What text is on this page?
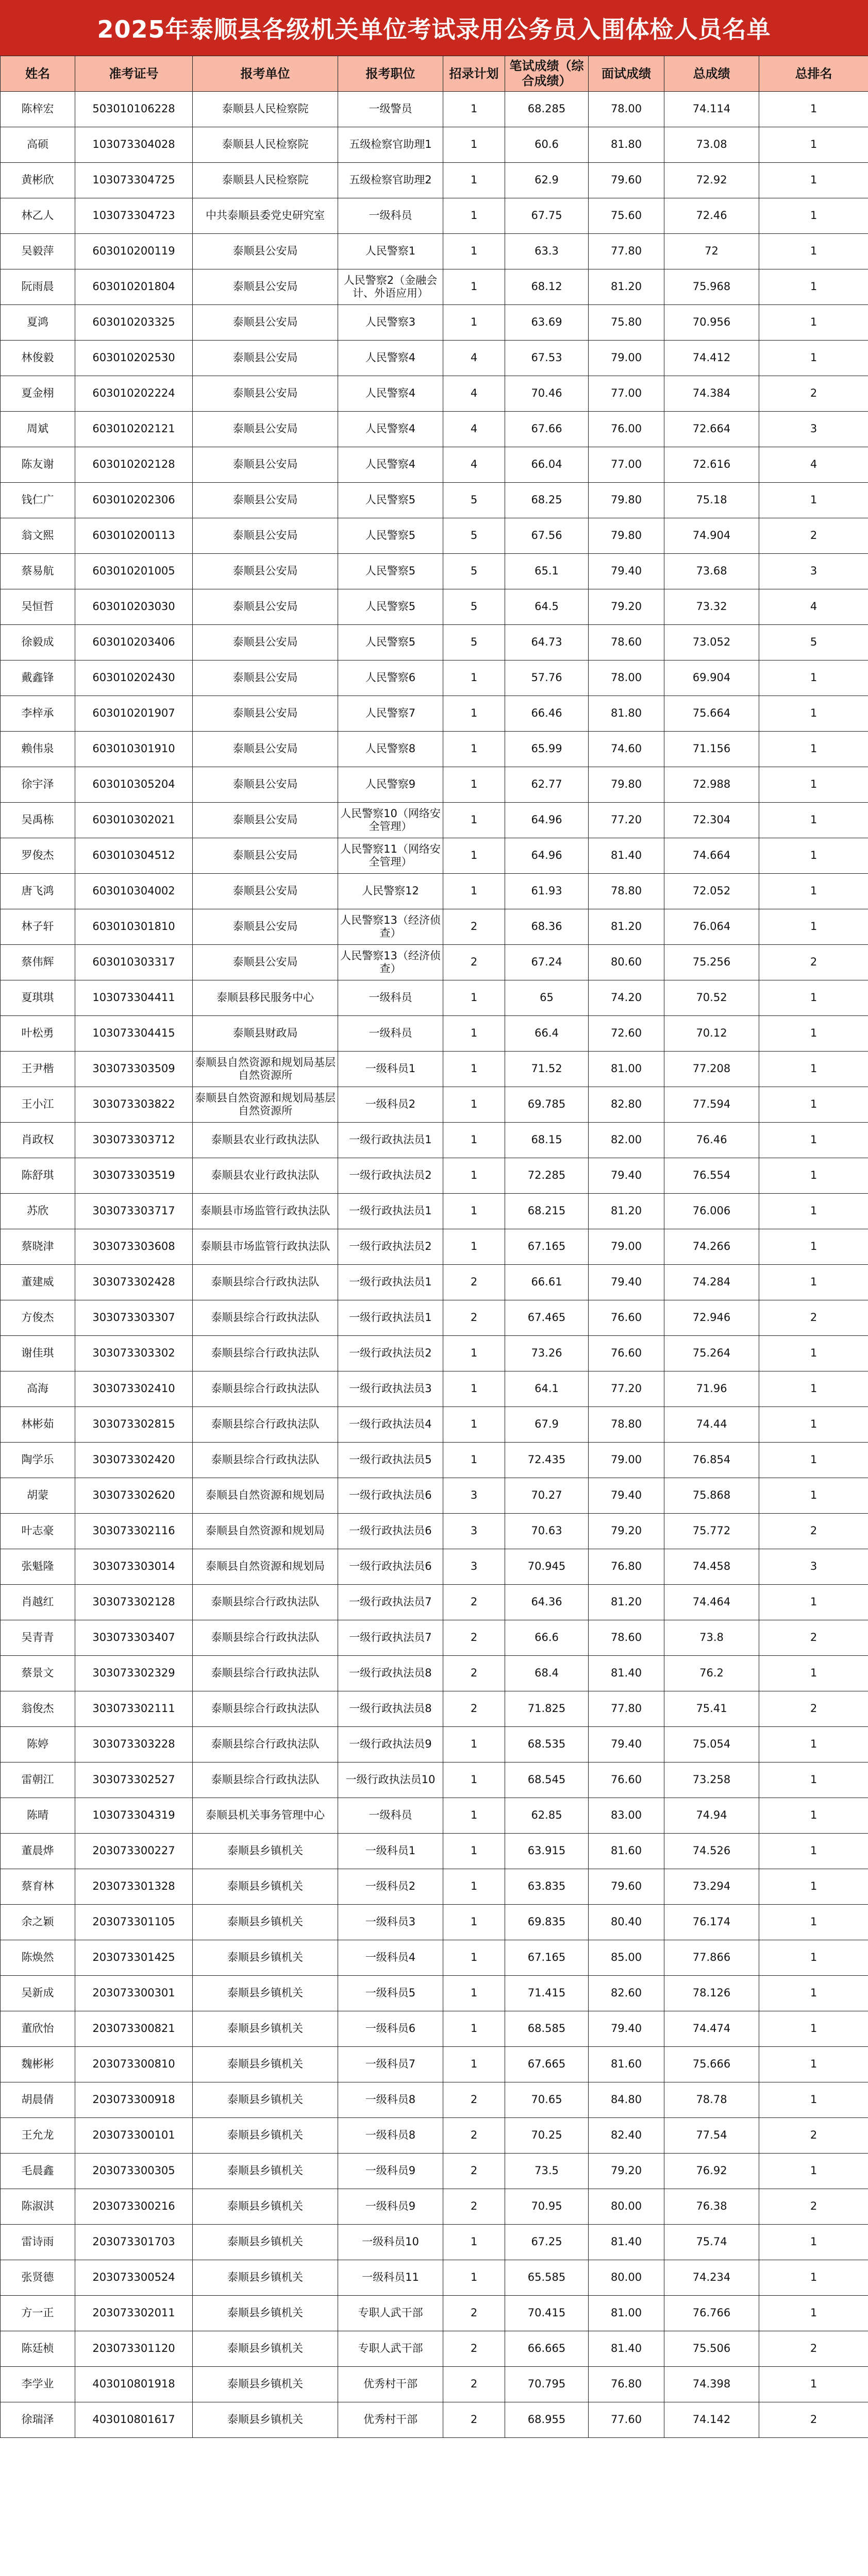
2025年泰顺县各级机关单位考试录用公务员入围体检人员名单
姓名	准考证号	报考单位	报考职位	招录计划	笔试成绩（综合成绩）	面试成绩	总成绩	总排名
陈梓宏	503010106228	泰顺县人民检察院	一级警员	1	68.285	78.00	74.114	1
高硕	103073304028	泰顺县人民检察院	五级检察官助理1	1	60.6	81.80	73.08	1
黄彬欣	103073304725	泰顺县人民检察院	五级检察官助理2	1	62.9	79.60	72.92	1
林乙人	103073304723	中共泰顺县委党史研究室	一级科员	1	67.75	75.60	72.46	1
吴毅萍	603010200119	泰顺县公安局	人民警察1	1	63.3	77.80	72	1
阮雨晨	603010201804	泰顺县公安局	人民警察2（金融会计、外语应用）	1	68.12	81.20	75.968	1
夏鸿	603010203325	泰顺县公安局	人民警察3	1	63.69	75.80	70.956	1
林俊毅	603010202530	泰顺县公安局	人民警察4	4	67.53	79.00	74.412	1
夏金栩	603010202224	泰顺县公安局	人民警察4	4	70.46	77.00	74.384	2
周斌	603010202121	泰顺县公安局	人民警察4	4	67.66	76.00	72.664	3
陈友谢	603010202128	泰顺县公安局	人民警察4	4	66.04	77.00	72.616	4
钱仁广	603010202306	泰顺县公安局	人民警察5	5	68.25	79.80	75.18	1
翁文熙	603010200113	泰顺县公安局	人民警察5	5	67.56	79.80	74.904	2
蔡易航	603010201005	泰顺县公安局	人民警察5	5	65.1	79.40	73.68	3
吴恒哲	603010203030	泰顺县公安局	人民警察5	5	64.5	79.20	73.32	4
徐毅成	603010203406	泰顺县公安局	人民警察5	5	64.73	78.60	73.052	5
戴鑫锋	603010202430	泰顺县公安局	人民警察6	1	57.76	78.00	69.904	1
李梓承	603010201907	泰顺县公安局	人民警察7	1	66.46	81.80	75.664	1
赖伟泉	603010301910	泰顺县公安局	人民警察8	1	65.99	74.60	71.156	1
徐宇泽	603010305204	泰顺县公安局	人民警察9	1	62.77	79.80	72.988	1
吴禹栋	603010302021	泰顺县公安局	人民警察10（网络安全管理）	1	64.96	77.20	72.304	1
罗俊杰	603010304512	泰顺县公安局	人民警察11（网络安全管理）	1	64.96	81.40	74.664	1
唐飞鸿	603010304002	泰顺县公安局	人民警察12	1	61.93	78.80	72.052	1
林子轩	603010301810	泰顺县公安局	人民警察13（经济侦查）	2	68.36	81.20	76.064	1
蔡伟辉	603010303317	泰顺县公安局	人民警察13（经济侦查）	2	67.24	80.60	75.256	2
夏琪琪	103073304411	泰顺县移民服务中心	一级科员	1	65	74.20	70.52	1
叶松勇	103073304415	泰顺县财政局	一级科员	1	66.4	72.60	70.12	1
王尹楷	303073303509	泰顺县自然资源和规划局基层自然资源所	一级科员1	1	71.52	81.00	77.208	1
王小江	303073303822	泰顺县自然资源和规划局基层自然资源所	一级科员2	1	69.785	82.80	77.594	1
肖政权	303073303712	泰顺县农业行政执法队	一级行政执法员1	1	68.15	82.00	76.46	1
陈舒琪	303073303519	泰顺县农业行政执法队	一级行政执法员2	1	72.285	79.40	76.554	1
苏欣	303073303717	泰顺县市场监管行政执法队	一级行政执法员1	1	68.215	81.20	76.006	1
蔡晓津	303073303608	泰顺县市场监管行政执法队	一级行政执法员2	1	67.165	79.00	74.266	1
董建威	303073302428	泰顺县综合行政执法队	一级行政执法员1	2	66.61	79.40	74.284	1
方俊杰	303073303307	泰顺县综合行政执法队	一级行政执法员1	2	67.465	76.60	72.946	2
谢佳琪	303073303302	泰顺县综合行政执法队	一级行政执法员2	1	73.26	76.60	75.264	1
高海	303073302410	泰顺县综合行政执法队	一级行政执法员3	1	64.1	77.20	71.96	1
林彬茹	303073302815	泰顺县综合行政执法队	一级行政执法员4	1	67.9	78.80	74.44	1
陶学乐	303073302420	泰顺县综合行政执法队	一级行政执法员5	1	72.435	79.00	76.854	1
胡蒙	303073302620	泰顺县自然资源和规划局	一级行政执法员6	3	70.27	79.40	75.868	1
叶志豪	303073302116	泰顺县自然资源和规划局	一级行政执法员6	3	70.63	79.20	75.772	2
张魁隆	303073303014	泰顺县自然资源和规划局	一级行政执法员6	3	70.945	76.80	74.458	3
肖越红	303073302128	泰顺县综合行政执法队	一级行政执法员7	2	64.36	81.20	74.464	1
吴青青	303073303407	泰顺县综合行政执法队	一级行政执法员7	2	66.6	78.60	73.8	2
蔡景文	303073302329	泰顺县综合行政执法队	一级行政执法员8	2	68.4	81.40	76.2	1
翁俊杰	303073302111	泰顺县综合行政执法队	一级行政执法员8	2	71.825	77.80	75.41	2
陈婷	303073303228	泰顺县综合行政执法队	一级行政执法员9	1	68.535	79.40	75.054	1
雷朝江	303073302527	泰顺县综合行政执法队	一级行政执法员10	1	68.545	76.60	73.258	1
陈晴	103073304319	泰顺县机关事务管理中心	一级科员	1	62.85	83.00	74.94	1
董晨烨	203073300227	泰顺县乡镇机关	一级科员1	1	63.915	81.60	74.526	1
蔡育林	203073301328	泰顺县乡镇机关	一级科员2	1	63.835	79.60	73.294	1
余之颖	203073301105	泰顺县乡镇机关	一级科员3	1	69.835	80.40	76.174	1
陈焕然	203073301425	泰顺县乡镇机关	一级科员4	1	67.165	85.00	77.866	1
吴新成	203073300301	泰顺县乡镇机关	一级科员5	1	71.415	82.60	78.126	1
董欣怡	203073300821	泰顺县乡镇机关	一级科员6	1	68.585	79.40	74.474	1
魏彬彬	203073300810	泰顺县乡镇机关	一级科员7	1	67.665	81.60	75.666	1
胡晨倩	203073300918	泰顺县乡镇机关	一级科员8	2	70.65	84.80	78.78	1
王允龙	203073300101	泰顺县乡镇机关	一级科员8	2	70.25	82.40	77.54	2
毛晨鑫	203073300305	泰顺县乡镇机关	一级科员9	2	73.5	79.20	76.92	1
陈淑淇	203073300216	泰顺县乡镇机关	一级科员9	2	70.95	80.00	76.38	2
雷诗雨	203073301703	泰顺县乡镇机关	一级科员10	1	67.25	81.40	75.74	1
张贤德	203073300524	泰顺县乡镇机关	一级科员11	1	65.585	80.00	74.234	1
方一正	203073302011	泰顺县乡镇机关	专职人武干部	2	70.415	81.00	76.766	1
陈廷桢	203073301120	泰顺县乡镇机关	专职人武干部	2	66.665	81.40	75.506	2
李学业	403010801918	泰顺县乡镇机关	优秀村干部	2	70.795	76.80	74.398	1
徐瑞泽	403010801617	泰顺县乡镇机关	优秀村干部	2	68.955	77.60	74.142	2
